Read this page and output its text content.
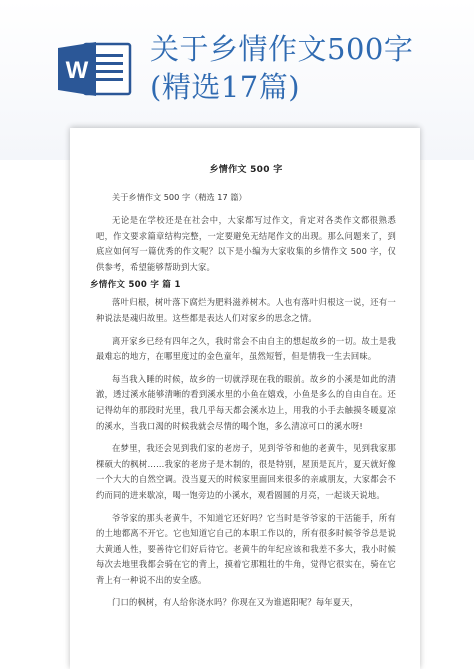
W
关于乡情作文500字(精选17篇)
乡情作文 500 字
关于乡情作文 500 字（精选 17 篇）

无论是在学校还是在社会中，大家都写过作文，肯定对各类作文都很熟悉吧，作文要求篇章结构完整，一定要避免无结尾作文的出现。那么问题来了，到底应如何写一篇优秀的作文呢？以下是小编为大家收集的乡情作文 500 字，仅供参考，希望能够帮助到大家。

乡情作文 500 字 篇 1

落叶归根，树叶落下腐烂为肥料滋养树木。人也有落叶归根这一说，还有一种说法是魂归故里。这些都是表达人们对家乡的思念之情。

离开家乡已经有四年之久，我时常会不由自主的想起故乡的一切。故土是我最难忘的地方，在哪里度过的金色童年，虽然短暂，但是情我一生去回味。

每当我入睡的时候，故乡的一切就浮现在我的眼前。故乡的小溪是如此的清澈，透过溪水能够清晰的看到溪水里的小鱼在嬉戏，小鱼是多么的自由自在。还记得幼年的那段时光里，我几乎每天都会溪水边上，用我的小手去触摸冬暖夏凉的溪水，当我口渴的时候我就会尽情的喝个饱，多么清凉可口的溪水呀!

在梦里，我还会见到我们家的老房子，见到爷爷和他的老黄牛，见到我家那棵硕大的枫树……我家的老房子是木制的，很是特别，屋顶是瓦片，夏天就好像一个大大的自然空调。没当夏天的时候家里面回来很多的亲戚朋友，大家都会不约而同的进来歇凉，喝一饱旁边的小溪水，观看圆圆的月亮，一起谈天说地。

爷爷家的那头老黄牛，不知道它还好吗？它当时是爷爷家的干活能手，所有的土地都离不开它。它也知道它自己的本职工作以的，所有很多时候爷爷总是说大黄通人性，要善待它们好后待它。老黄牛的年纪应该和我差不多大，我小时候每次去地里我都会骑在它的背上，摸着它那粗壮的牛角，觉得它很实在，骑在它背上有一种说不出的安全感。

门口的枫树，有人给你浇水吗？你现在又为谁遮阳呢？每年夏天，
